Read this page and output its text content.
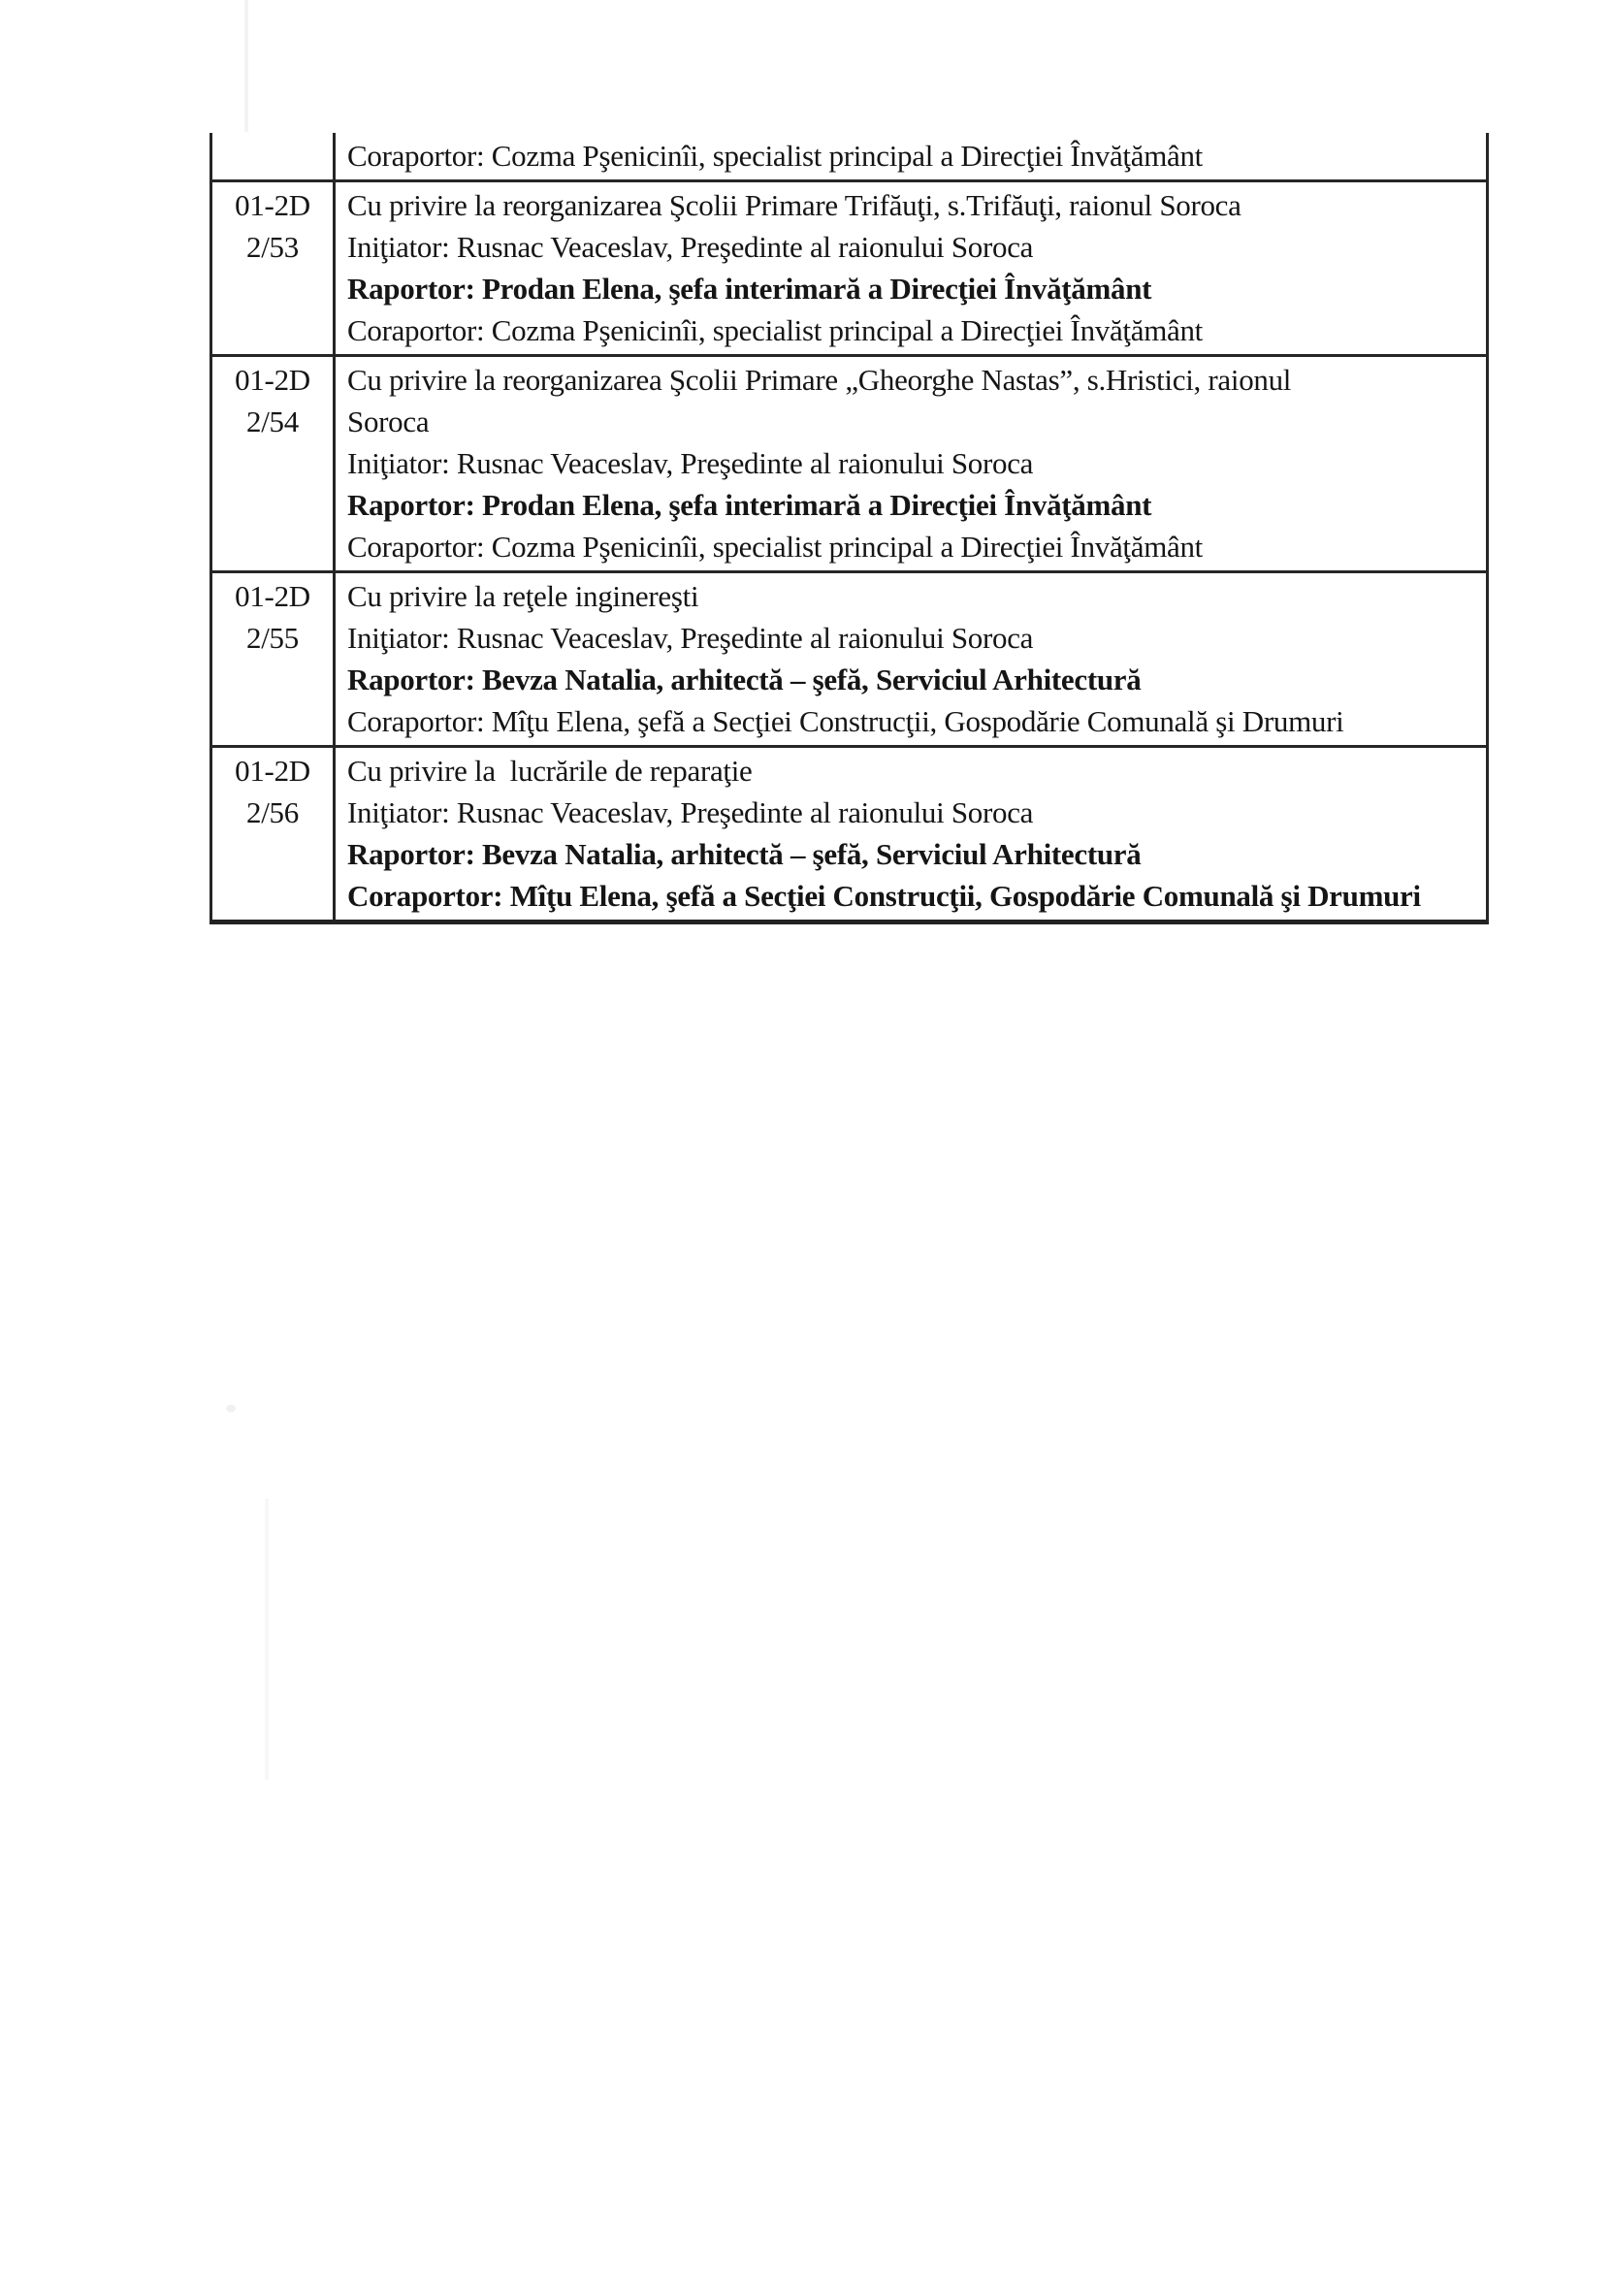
Coraportor: Cozma Pşenicinîi, specialist principal a Direcţiei Învăţământ
01-2D
2/53
Cu privire la reorganizarea Şcolii Primare Trifăuţi, s.Trifăuţi, raionul Soroca
Iniţiator: Rusnac Veaceslav, Preşedinte al raionului Soroca
Raportor: Prodan Elena, şefa interimară a Direcţiei Învăţământ
Coraportor: Cozma Pşenicinîi, specialist principal a Direcţiei Învăţământ
01-2D
2/54
Cu privire la reorganizarea Şcolii Primare „Gheorghe Nastas”, s.Hristici, raionul
Soroca
Iniţiator: Rusnac Veaceslav, Preşedinte al raionului Soroca
Raportor: Prodan Elena, şefa interimară a Direcţiei Învăţământ
Coraportor: Cozma Pşenicinîi, specialist principal a Direcţiei Învăţământ
01-2D
2/55
Cu privire la reţele inginereşti
Iniţiator: Rusnac Veaceslav, Preşedinte al raionului Soroca
Raportor: Bevza Natalia, arhitectă – şefă, Serviciul Arhitectură
Coraportor: Mîţu Elena, şefă a Secţiei Construcţii, Gospodărie Comunală şi Drumuri
01-2D
2/56
Cu privire la  lucrările de reparaţie
Iniţiator: Rusnac Veaceslav, Preşedinte al raionului Soroca
Raportor: Bevza Natalia, arhitectă – şefă, Serviciul Arhitectură
Coraportor: Mîţu Elena, şefă a Secţiei Construcţii, Gospodărie Comunală şi Drumuri
